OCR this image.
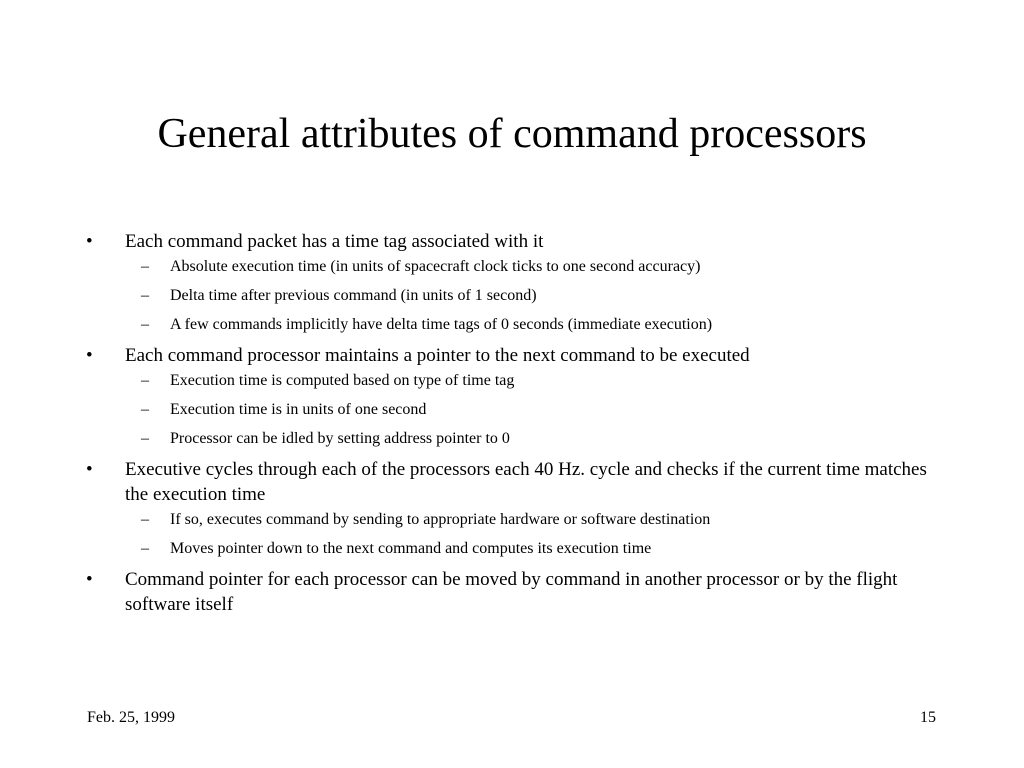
General attributes of command processors
• Each command packet has a time tag associated with it
– Absolute execution time (in units of spacecraft clock ticks to one second accuracy)
– Delta time after previous command (in units of 1 second)
– A few commands implicitly have delta time tags of 0 seconds (immediate execution)
• Each command processor maintains a pointer to the next command to be executed
– Execution time is computed based on type of time tag
– Execution time is in units of one second
– Processor can be idled by setting address pointer to 0
• Executive cycles through each of the processors each 40 Hz. cycle and checks if the current time matches the execution time
– If so, executes command by sending to appropriate hardware or software destination
– Moves pointer down to the next command and computes its execution time
• Command pointer for each processor can be moved by command in another processor or by the flight software itself
Feb. 25, 1999	15
